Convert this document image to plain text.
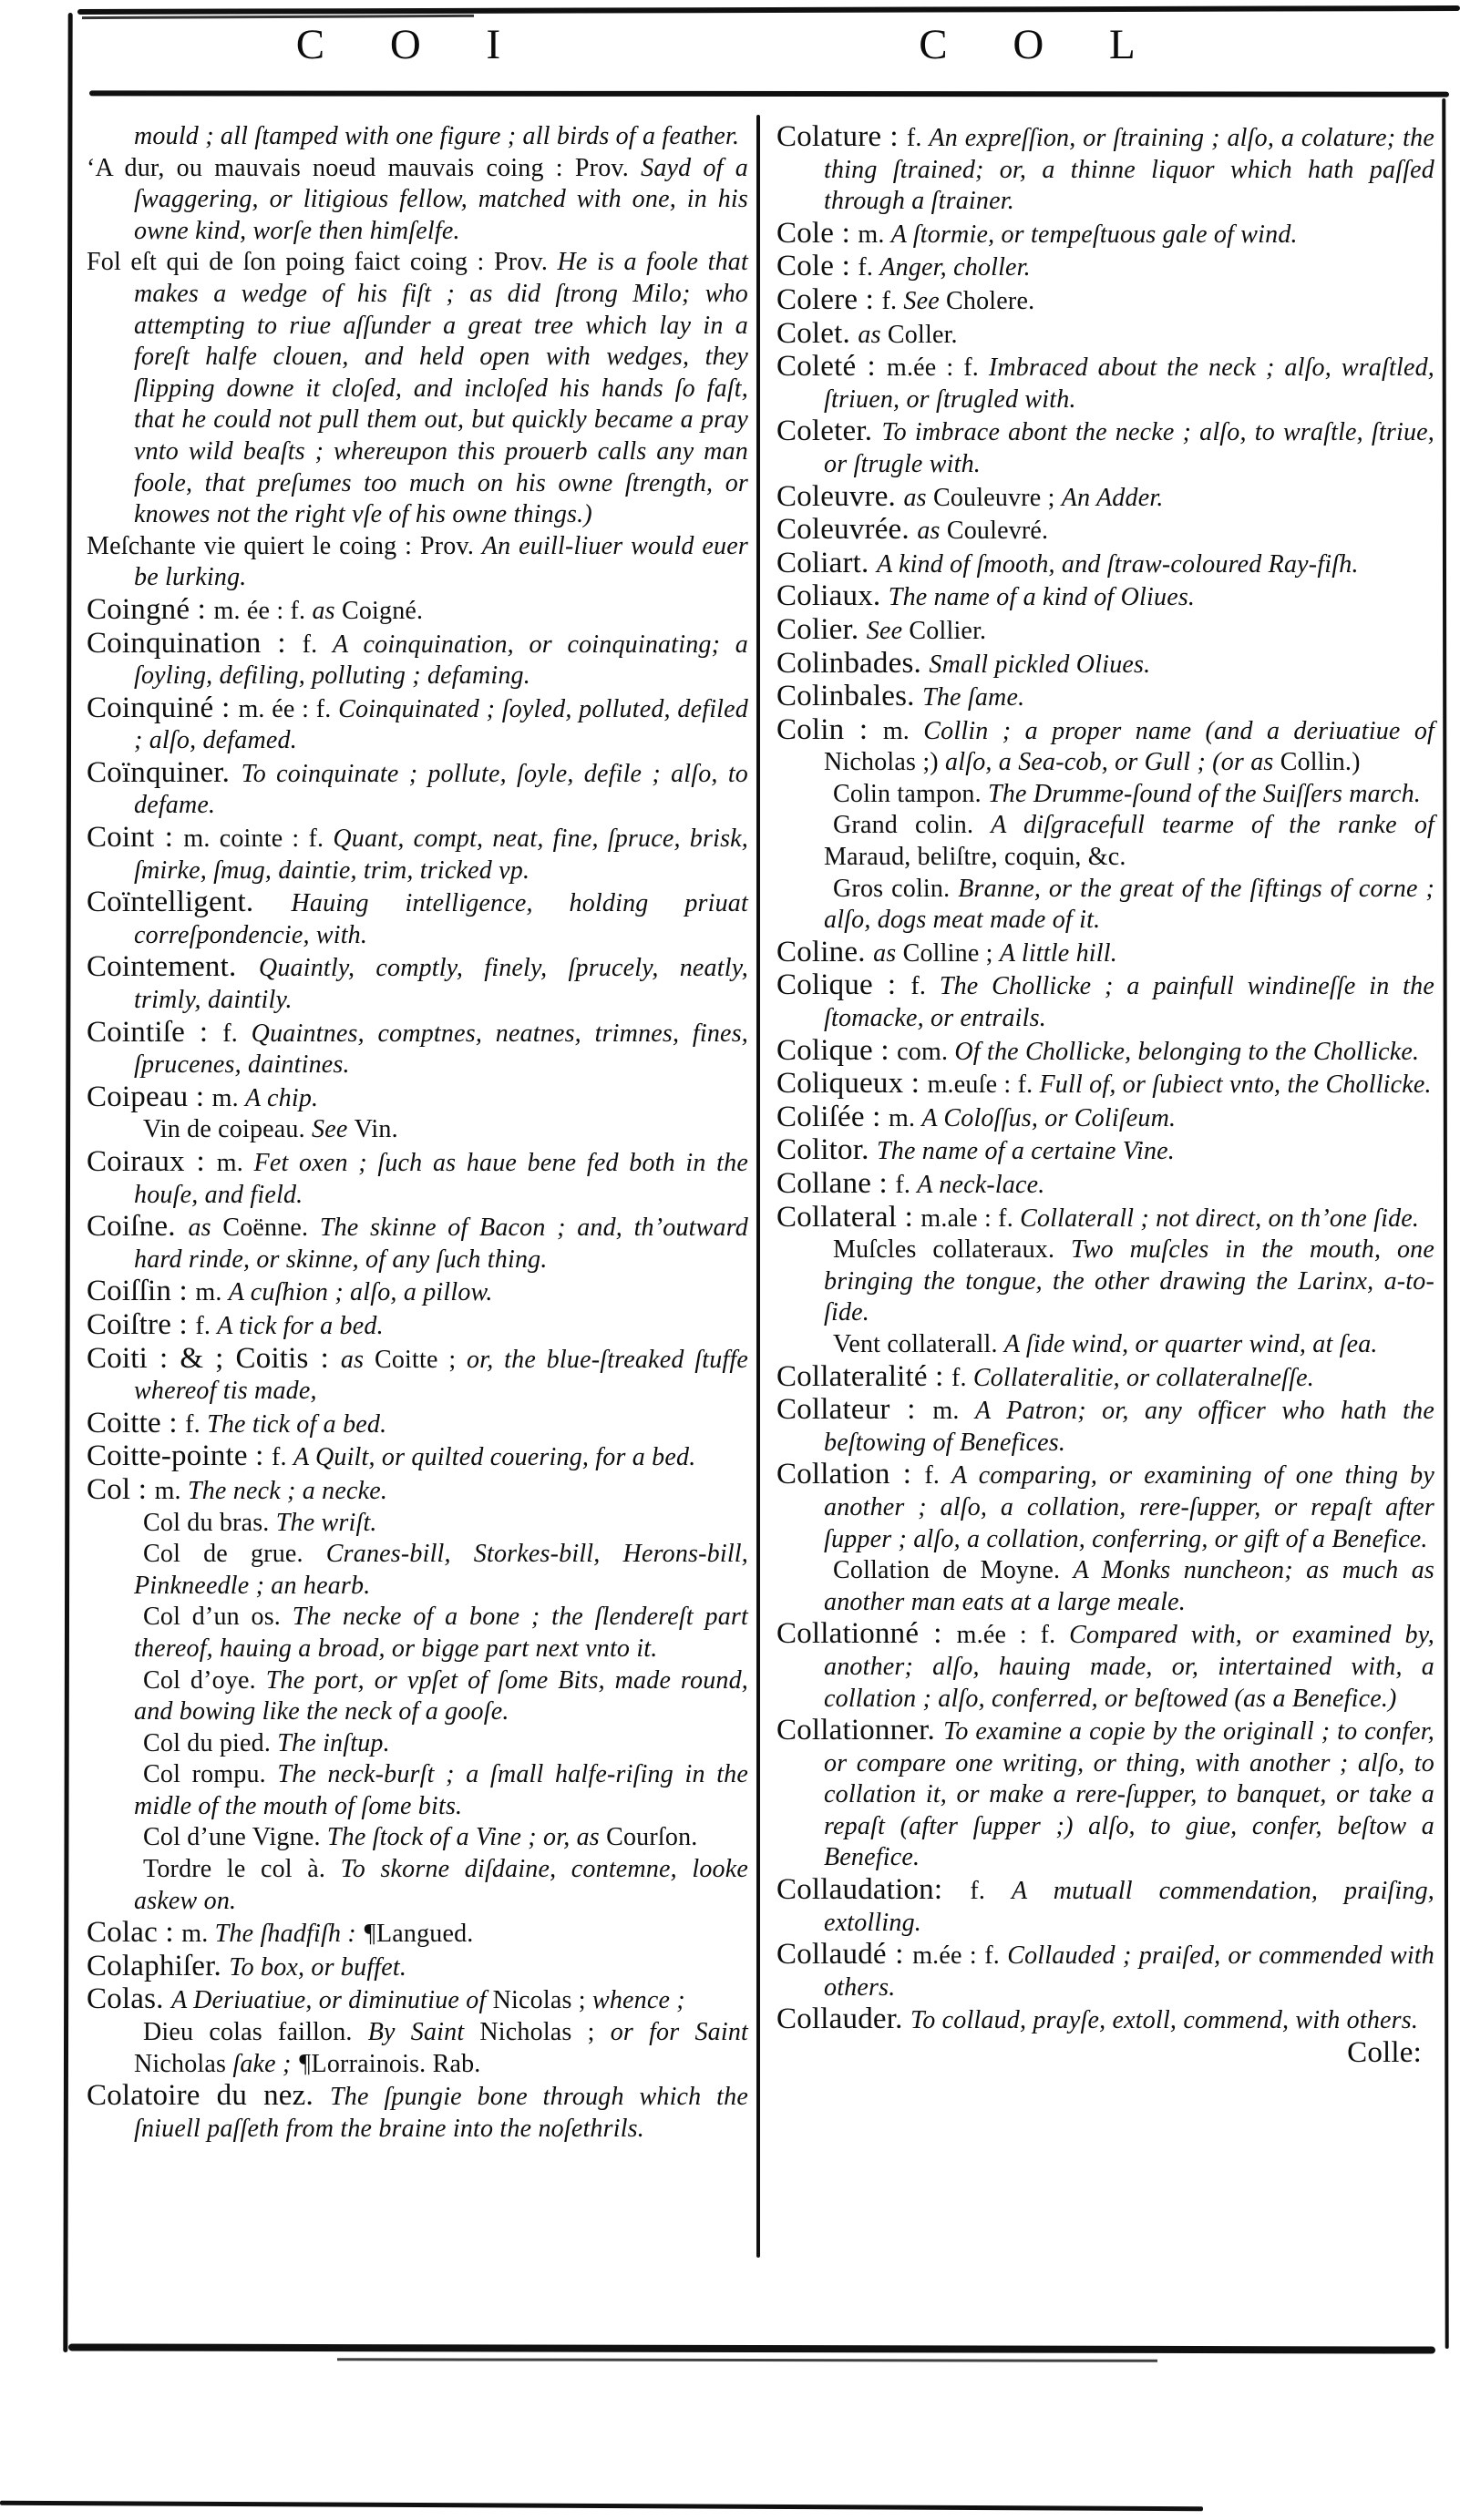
C O I	C O L

mould ; all ſtamped with one figure ; all birds of a feather.

‘A dur, ou mauvais noeud mauvais coing : Prov. Sayd of a ſwaggering, or litigious fellow, matched with one, in his owne kind, worſe then himſelfe.

Fol eſt qui de ſon poing faict coing : Prov. He is a foole that makes a wedge of his fiſt ; as did ſtrong Milo; who attempting to riue aſſunder a great tree which lay in a foreſt halfe clouen, and held open with wedges, they ſlipping downe it cloſed, and incloſed his hands ſo faſt, that he could not pull them out, but quickly became a pray vnto wild beaſts ; whereupon this prouerb calls any man foole, that preſumes too much on his owne ſtrength, or knowes not the right vſe of his owne things.)

Meſchante vie quiert le coing : Prov. An euill-liuer would euer be lurking.

Coingné : m. ée : f. as Coigné.

Coinquination : f. A coinquination, or coinquinating; a ſoyling, defiling, polluting ; defaming.

Coinquiné : m. ée : f. Coinquinated ; ſoyled, polluted, defiled ; alſo, defamed.

Coïnquiner. To coinquinate ; pollute, ſoyle, defile ; alſo, to defame.

Coint : m. cointe : f. Quant, compt, neat, fine, ſpruce, brisk, ſmirke, ſmug, daintie, trim, tricked vp.

Coïntelligent. Hauing intelligence, holding priuat correſpondencie, with.

Cointement. Quaintly, comptly, finely, ſprucely, neatly, trimly, daintily.

Cointiſe : f. Quaintnes, comptnes, neatnes, trimnes, fines, ſprucenes, daintines.

Coipeau : m. A chip.

Vin de coipeau. See Vin.

Coiraux : m. Fet oxen ; ſuch as haue bene fed both in the houſe, and field.

Coiſne. as Coënne. The skinne of Bacon ; and, th’outward hard rinde, or skinne, of any ſuch thing.

Coiſſin : m. A cuſhion ; alſo, a pillow.

Coiſtre : f. A tick for a bed.

Coiti : & ; Coitis : as Coitte ; or, the blue-ſtreaked ſtuffe whereof tis made,

Coitte : f. The tick of a bed.

Coitte-pointe : f. A Quilt, or quilted couering, for a bed.

Col : m. The neck ; a necke.

Col du bras. The wriſt.

Col de grue. Cranes-bill, Storkes-bill, Herons-bill, Pinkneedle ; an hearb.

Col d’un os. The necke of a bone ; the ſlendereſt part thereof, hauing a broad, or bigge part next vnto it.

Col d’oye. The port, or vpſet of ſome Bits, made round, and bowing like the neck of a gooſe.

Col du pied. The inſtup.

Col rompu. The neck-burſt ; a ſmall halfe-riſing in the midle of the mouth of ſome bits.

Col d’une Vigne. The ſtock of a Vine ; or, as Courſon.

Tordre le col à. To skorne diſdaine, contemne, looke askew on.

Colac : m. The ſhadfiſh : ¶Langued.

Colaphiſer. To box, or buffet.

Colas. A Deriuatiue, or diminutiue of Nicolas ; whence ;

Dieu colas faillon. By Saint Nicholas ; or for Saint Nicholas ſake ; ¶Lorrainois. Rab.

Colatoire du nez. The ſpungie bone through which the ſniuell paſſeth from the braine into the noſethrils.

Colature : f. An expreſſion, or ſtraining ; alſo, a colature; the thing ſtrained; or, a thinne liquor which hath paſſed through a ſtrainer.

Cole : m. A ſtormie, or tempeſtuous gale of wind.

Cole : f. Anger, choller.

Colere : f. See Cholere.

Colet. as Coller.

Coleté : m.ée : f. Imbraced about the neck ; alſo, wraſtled, ſtriuen, or ſtrugled with.

Coleter. To imbrace abont the necke ; alſo, to wraſtle, ſtriue, or ſtrugle with.

Coleuvre. as Couleuvre ; An Adder.

Coleuvrée. as Coulevré.

Coliart. A kind of ſmooth, and ſtraw-coloured Ray-fiſh.

Coliaux. The name of a kind of Oliues.

Colier. See Collier.

Colinbades. Small pickled Oliues.

Colinbales. The ſame.

Colin : m. Collin ; a proper name (and a deriuatiue of Nicholas ;) alſo, a Sea-cob, or Gull ; (or as Collin.)

Colin tampon. The Drumme-ſound of the Suiſſers march.

Grand colin. A diſgracefull tearme of the ranke of Maraud, beliſtre, coquin, &c.

Gros colin. Branne, or the great of the ſiftings of corne ; alſo, dogs meat made of it.

Coline. as Colline ; A little hill.

Colique : f. The Chollicke ; a painfull windineſſe in the ſtomacke, or entrails.

Colique : com. Of the Chollicke, belonging to the Chollicke.

Coliqueux : m.euſe : f. Full of, or ſubiect vnto, the Chollicke.

Coliſée : m. A Coloſſus, or Coliſeum.

Colitor. The name of a certaine Vine.

Collane : f. A neck-lace.

Collateral : m.ale : f. Collaterall ; not direct, on th’one ſide.

Muſcles collateraux. Two muſcles in the mouth, one bringing the tongue, the other drawing the Larinx, a-to-ſide.

Vent collaterall. A ſide wind, or quarter wind, at ſea.

Collateralité : f. Collateralitie, or collateralneſſe.

Collateur : m. A Patron; or, any officer who hath the beſtowing of Benefices.

Collation : f. A comparing, or examining of one thing by another ; alſo, a collation, rere-ſupper, or repaſt after ſupper ; alſo, a collation, conferring, or gift of a Benefice.

Collation de Moyne. A Monks nuncheon; as much as another man eats at a large meale.

Collationné : m.ée : f. Compared with, or examined by, another; alſo, hauing made, or, intertained with, a collation ; alſo, conferred, or beſtowed (as a Benefice.)

Collationner. To examine a copie by the originall ; to confer, or compare one writing, or thing, with another ; alſo, to collation it, or make a rere-ſupper, to banquet, or take a repaſt (after ſupper ;) alſo, to giue, confer, beſtow a Benefice.

Collaudation: f. A mutuall commendation, praiſing, extolling.

Collaudé : m.ée : f. Collauded ; praiſed, or commended with others.

Collauder. To collaud, prayſe, extoll, commend, with others.

Colle:
